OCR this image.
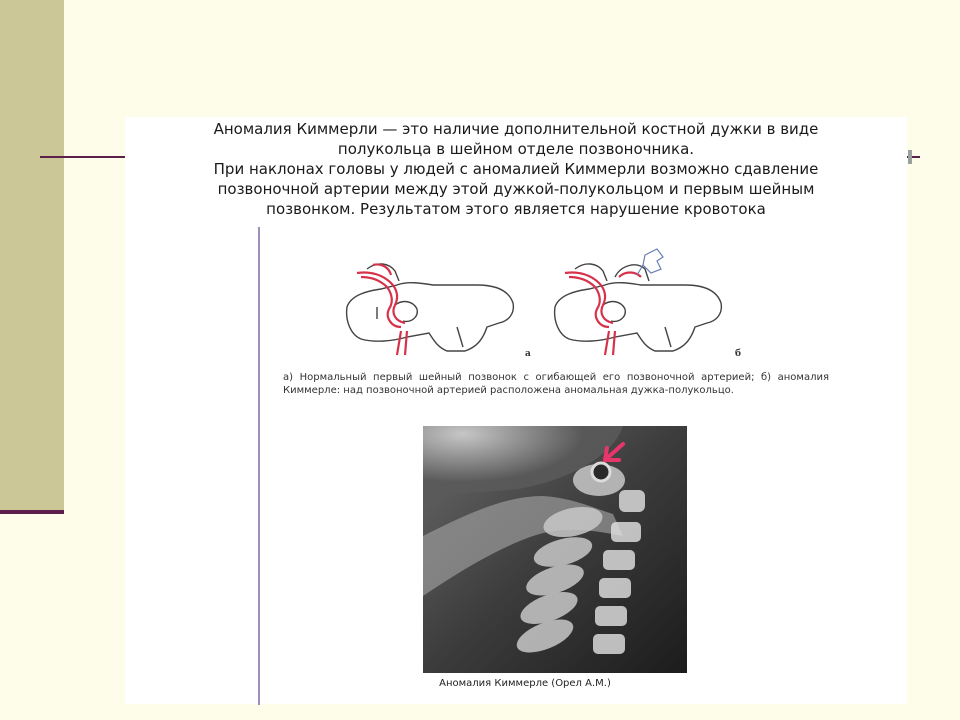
Аномалия Киммерли — это наличие дополнительной костной дужки в виде
полукольца в шейном отделе позвоночника.
При наклонах головы у людей с аномалией Киммерли возможно сдавление
позвоночной артерии между этой дужкой-полукольцом и первым шейным
позвонком. Результатом этого является нарушение кровотока

а	б

а) Нормальный первый шейный позвонок с огибающей его позвоночной артерией; б) аномалия Киммерле: над позвоночной артерией расположена аномальная дужка-полукольцо.

Аномалия Киммерле (Орел А.М.)
